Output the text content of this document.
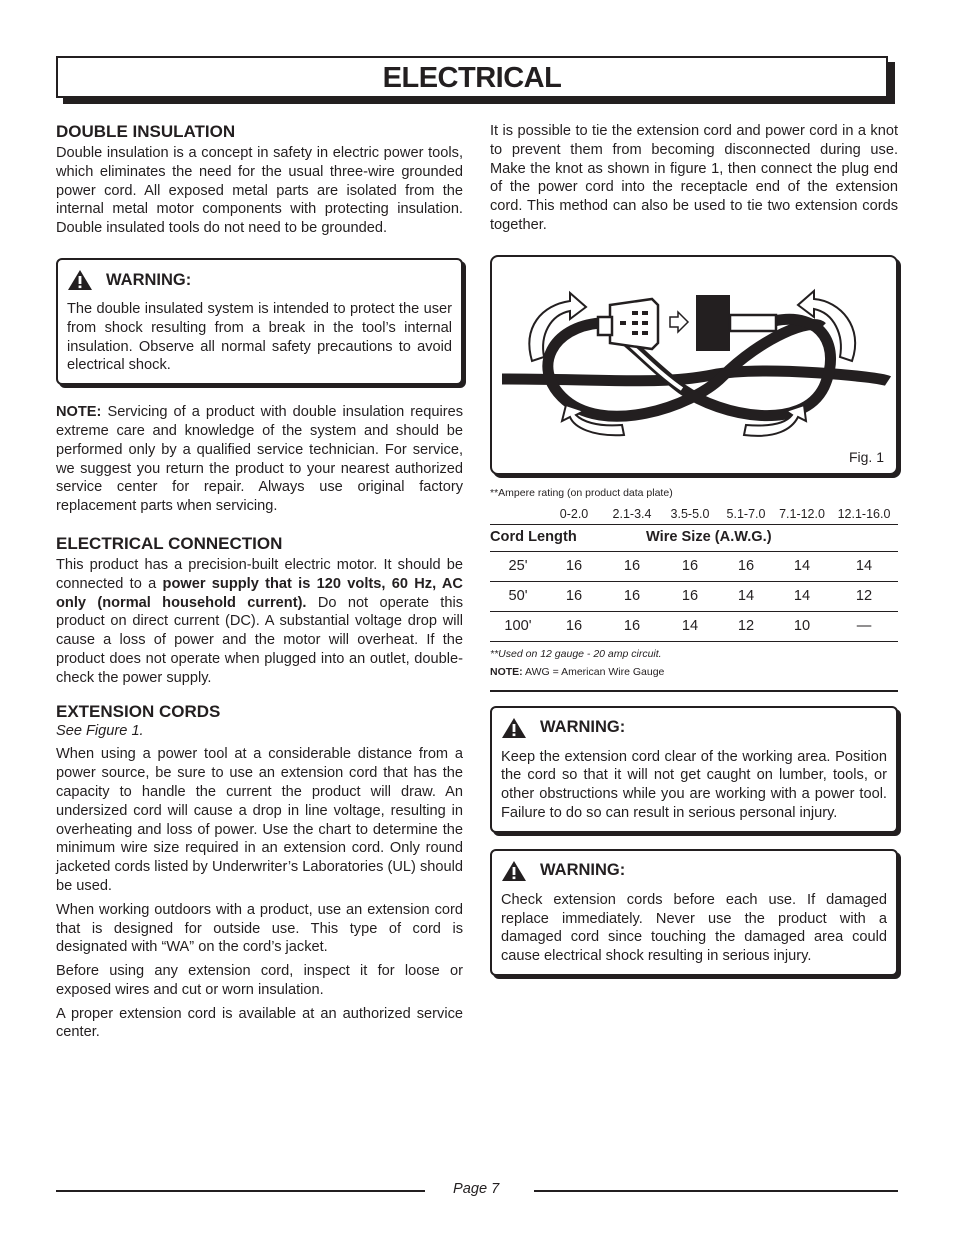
ELECTRICAL
DOUBLE INSULATION

Double insulation is a concept in safety in electric power tools, which eliminates the need for the usual three-wire grounded power cord. All exposed metal parts are isolated from the internal metal motor components with protecting insulation. Double insulated tools do not need to be grounded.

WARNING:

The double insulated system is intended to protect the user from shock resulting from a break in the tool’s internal insulation. Observe all normal safety precautions to avoid electrical shock.

NOTE: Servicing of a product with double insulation requires extreme care and knowledge of the system and should be performed only by a qualified service technician. For service, we suggest you return the product to your nearest authorized service center for repair. Always use original factory replacement parts when servicing.

ELECTRICAL CONNECTION

This product has a precision-built electric motor. It should be connected to a power supply that is 120 volts, 60 Hz, AC only (normal household current). Do not operate this product on direct current (DC). A substantial voltage drop will cause a loss of power and the motor will overheat. If the product does not operate when plugged into an outlet, double-check the power supply.

EXTENSION CORDS
See Figure 1.

When using a power tool at a considerable distance from a power source, be sure to use an extension cord that has the capacity to handle the current the product will draw. An undersized cord will cause a drop in line voltage, resulting in overheating and loss of power. Use the chart to determine the minimum wire size required in an extension cord. Only round jacketed cords listed by Underwriter’s Laboratories (UL) should be used.

When working outdoors with a product, use an extension cord that is designed for outside use. This type of cord is designated with “WA” on the cord’s jacket.

Before using any extension cord, inspect it for loose or exposed wires and cut or worn insulation.

A proper extension cord is available at an authorized service center.

It is possible to tie the extension cord and power cord in a knot to prevent them from becoming disconnected during use. Make the knot as shown in figure 1, then connect the plug end of the power cord into the receptacle end of the extension cord. This method can also be used to tie two extension cords together.

Fig. 1

**Ampere rating (on product data plate)

	0-2.0	2.1-3.4	3.5-5.0	5.1-7.0	7.1-12.0	12.1-16.0
Cord Length		Wire Size (A.W.G.)				
25'	16	16	16	16	14	14
50'	16	16	16	14	14	12
100'	16	16	14	12	10	—

**Used on 12 gauge - 20 amp circuit.

NOTE: AWG = American Wire Gauge

WARNING:

Keep the extension cord clear of the working area. Position the cord so that it will not get caught on lumber, tools, or other obstructions while you are working with a power tool. Failure to do so can result in serious personal injury.

WARNING:

Check extension cords before each use. If damaged replace immediately. Never use the product with a damaged cord since touching the damaged area could cause electrical shock resulting in serious injury.

Page 7
